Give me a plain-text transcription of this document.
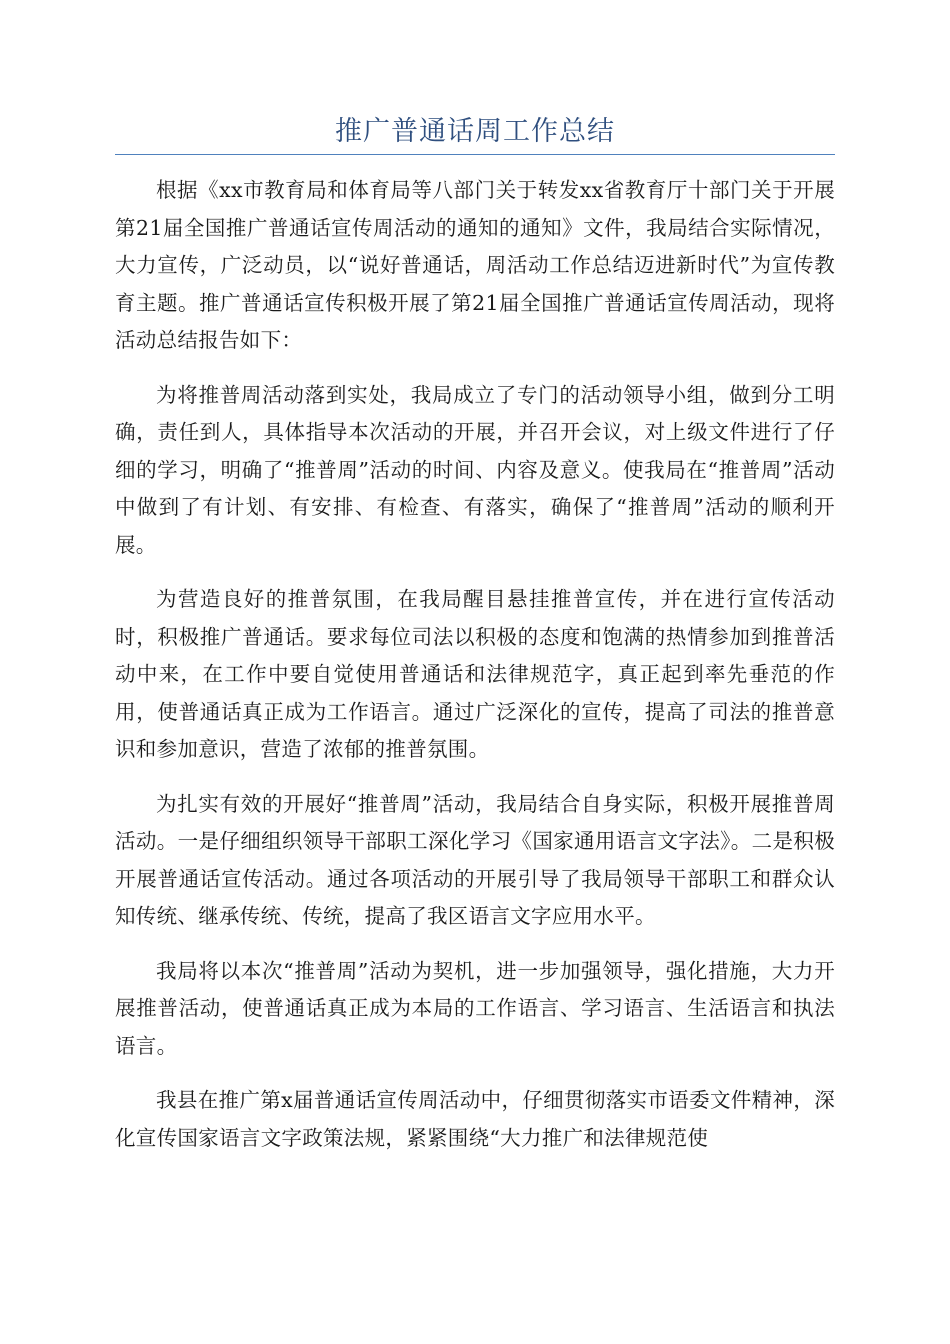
推广普通话周工作总结

根据《xx市教育局和体育局等八部门关于转发xx省教育厅十部门关于开展第21届全国推广普通话宣传周活动的通知的通知》文件，我局结合实际情况，大力宣传，广泛动员，以“说好普通话，周活动工作总结迈进新时代”为宣传教育主题。推广普通话宣传积极开展了第21届全国推广普通话宣传周活动，现将活动总结报告如下：

为将推普周活动落到实处，我局成立了专门的活动领导小组，做到分工明确，责任到人，具体指导本次活动的开展，并召开会议，对上级文件进行了仔细的学习，明确了“推普周”活动的时间、内容及意义。使我局在“推普周”活动中做到了有计划、有安排、有检查、有落实，确保了“推普周”活动的顺利开展。

为营造良好的推普氛围，在我局醒目悬挂推普宣传，并在进行宣传活动时，积极推广普通话。要求每位司法以积极的态度和饱满的热情参加到推普活动中来，在工作中要自觉使用普通话和法律规范字，真正起到率先垂范的作用，使普通话真正成为工作语言。通过广泛深化的宣传，提高了司法的推普意识和参加意识，营造了浓郁的推普氛围。

为扎实有效的开展好“推普周”活动，我局结合自身实际，积极开展推普周活动。一是仔细组织领导干部职工深化学习《国家通用语言文字法》。二是积极开展普通话宣传活动。通过各项活动的开展引导了我局领导干部职工和群众认知传统、继承传统、传统，提高了我区语言文字应用水平。

我局将以本次“推普周”活动为契机，进一步加强领导，强化措施，大力开展推普活动，使普通话真正成为本局的工作语言、学习语言、生活语言和执法语言。

我县在推广第x届普通话宣传周活动中，仔细贯彻落实市语委文件精神，深化宣传国家语言文字政策法规，紧紧围绕“大力推广和法律规范使
